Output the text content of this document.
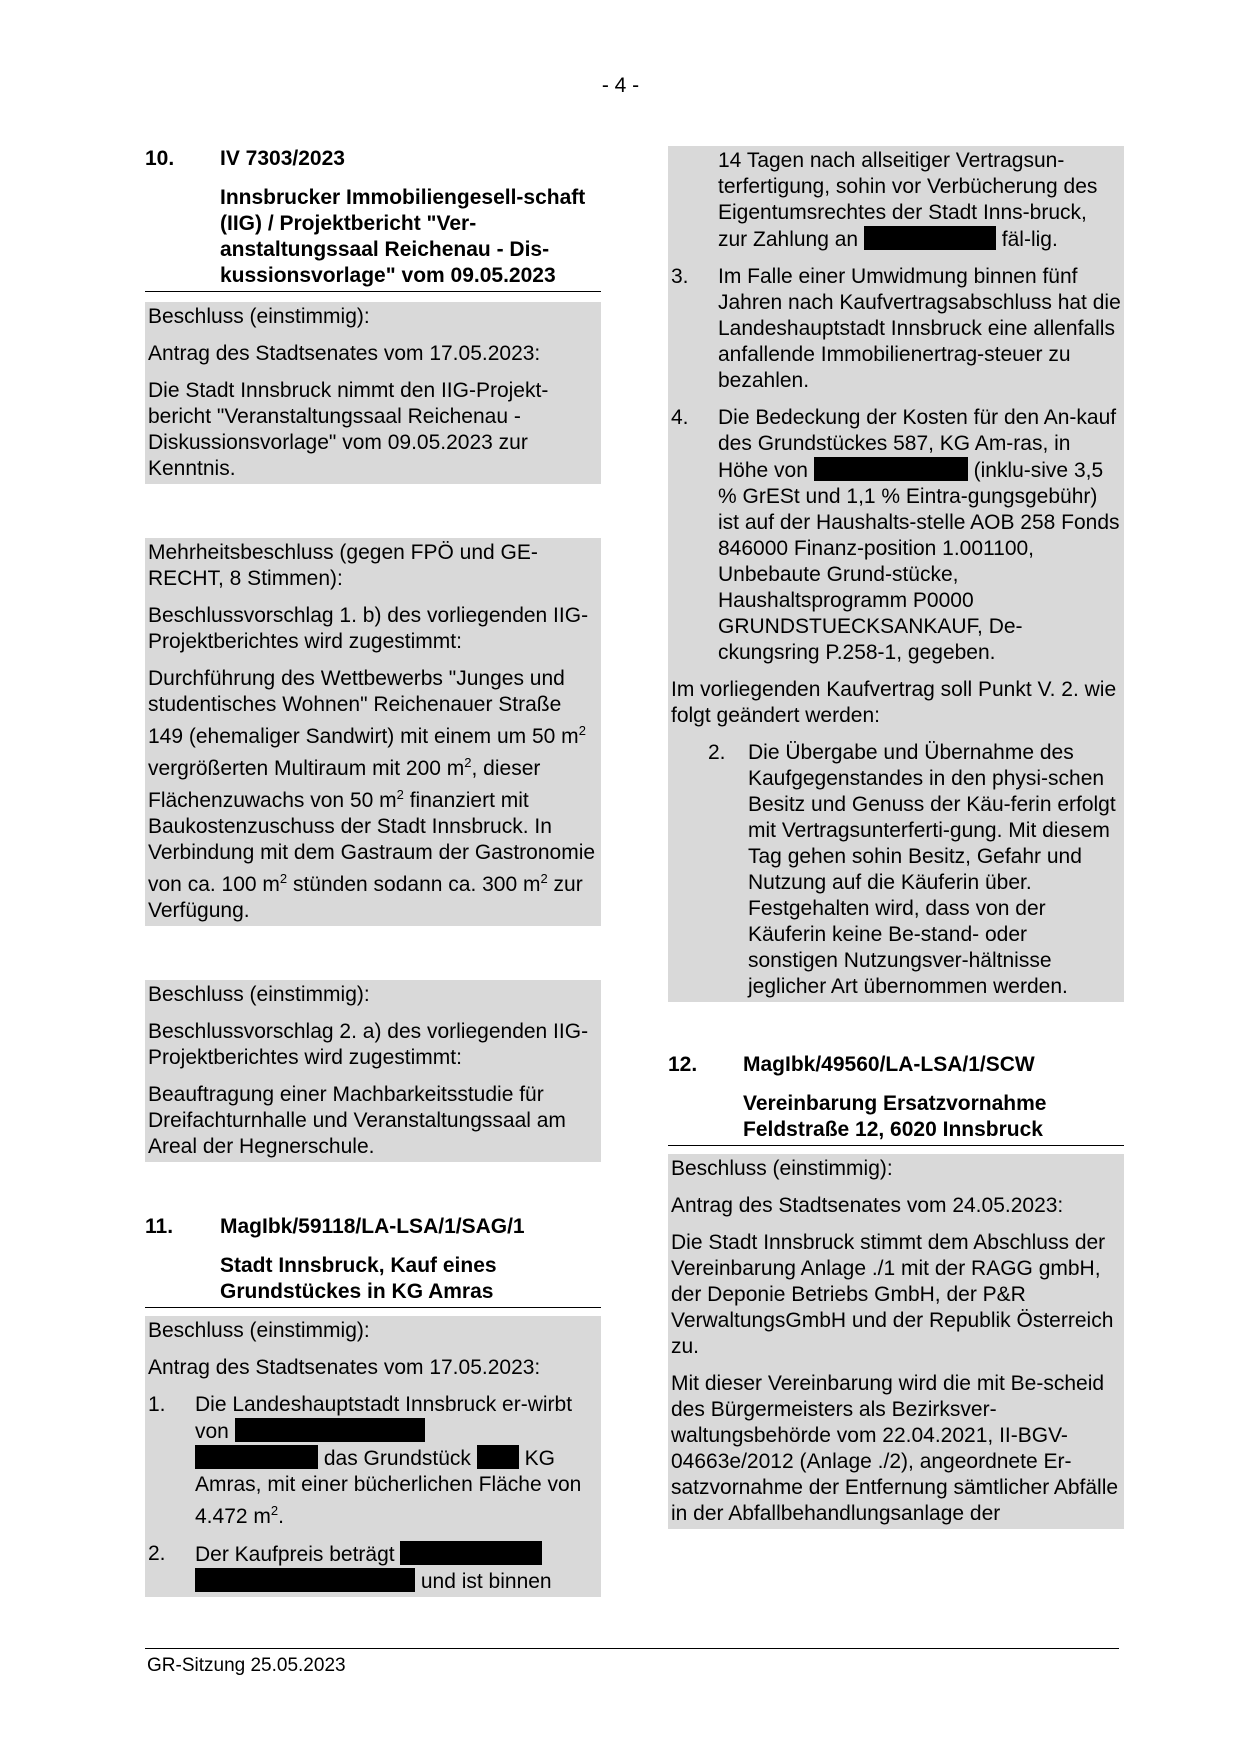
- 4 -
10.	IV 7303/2023
Innsbrucker Immobiliengesell-schaft (IIG) / Projektbericht "Ver-anstaltungssaal Reichenau - Dis-kussionsvorlage" vom 09.05.2023

Beschluss (einstimmig):

Antrag des Stadtsenates vom 17.05.2023:

Die Stadt Innsbruck nimmt den IIG-Projekt-bericht "Veranstaltungssaal Reichenau - Diskussionsvorlage" vom 09.05.2023 zur Kenntnis.

Mehrheitsbeschluss (gegen FPÖ und GE-RECHT, 8 Stimmen):

Beschlussvorschlag 1. b) des vorliegenden IIG-Projektberichtes wird zugestimmt:

Durchführung des Wettbewerbs "Junges und studentisches Wohnen" Reichenauer Straße 149 (ehemaliger Sandwirt) mit einem um 50 $m^2$ vergrößerten Multiraum mit 200 $m^2$, dieser Flächenzuwachs von 50 $m^2$ finanziert mit Baukostenzuschuss der Stadt Innsbruck. In Verbindung mit dem Gastraum der Gastronomie von ca. 100 $m^2$ stünden sodann ca. 300 $m^2$ zur Verfügung.

Beschluss (einstimmig):

Beschlussvorschlag 2. a) des vorliegenden IIG-Projektberichtes wird zugestimmt:

Beauftragung einer Machbarkeitsstudie für Dreifachturnhalle und Veranstaltungssaal am Areal der Hegnerschule.

11.	MagIbk/59118/LA-LSA/1/SAG/1
Stadt Innsbruck, Kauf eines Grundstückes in KG Amras

Beschluss (einstimmig):

Antrag des Stadtsenates vom 17.05.2023:

1.	Die Landeshauptstadt Innsbruck er-wirbt von
das Grundstück	KG Amras, mit einer bücherlichen Fläche von 4.472 $m^2$.
2.	Der Kaufpreis beträgt
und ist binnen
14 Tagen nach allseitiger Vertragsun-terfertigung, sohin vor Verbücherung des Eigentumsrechtes der Stadt Inns-bruck, zur Zahlung an	fäl-lig.
3.	Im Falle einer Umwidmung binnen fünf Jahren nach Kaufvertragsabschluss hat die Landeshauptstadt Innsbruck eine allenfalls anfallende Immobilienertrag-steuer zu bezahlen.
4.	Die Bedeckung der Kosten für den An-kauf des Grundstückes 587, KG Am-ras, in Höhe von	(inklu-sive 3,5 % GrESt und 1,1 % Eintra-gungsgebühr) ist auf der Haushalts-stelle AOB 258 Fonds 846000 Finanz-position 1.001100, Unbebaute Grund-stücke, Haushaltsprogramm P0000 GRUNDSTUECKSANKAUF, De-ckungsring P.258-1, gegeben.

Im vorliegenden Kaufvertrag soll Punkt V. 2. wie folgt geändert werden:

2.	Die Übergabe und Übernahme des Kaufgegenstandes in den physi-schen Besitz und Genuss der Käu-ferin erfolgt mit Vertragsunterferti-gung. Mit diesem Tag gehen sohin Besitz, Gefahr und Nutzung auf die Käuferin über. Festgehalten wird, dass von der Käuferin keine Be-stand- oder sonstigen Nutzungsver-hältnisse jeglicher Art übernommen werden.
12.	MagIbk/49560/LA-LSA/1/SCW
Vereinbarung Ersatzvornahme Feldstraße 12, 6020 Innsbruck

Beschluss (einstimmig):

Antrag des Stadtsenates vom 24.05.2023:

Die Stadt Innsbruck stimmt dem Abschluss der Vereinbarung Anlage ./1 mit der RAGG gmbH, der Deponie Betriebs GmbH, der P&R VerwaltungsGmbH und der Republik Österreich zu.

Mit dieser Vereinbarung wird die mit Be-scheid des Bürgermeisters als Bezirksver-waltungsbehörde vom 22.04.2021, II-BGV-04663e/2012 (Anlage ./2), angeordnete Er-satzvornahme der Entfernung sämtlicher Abfälle in der Abfallbehandlungsanlage der

GR-Sitzung 25.05.2023
